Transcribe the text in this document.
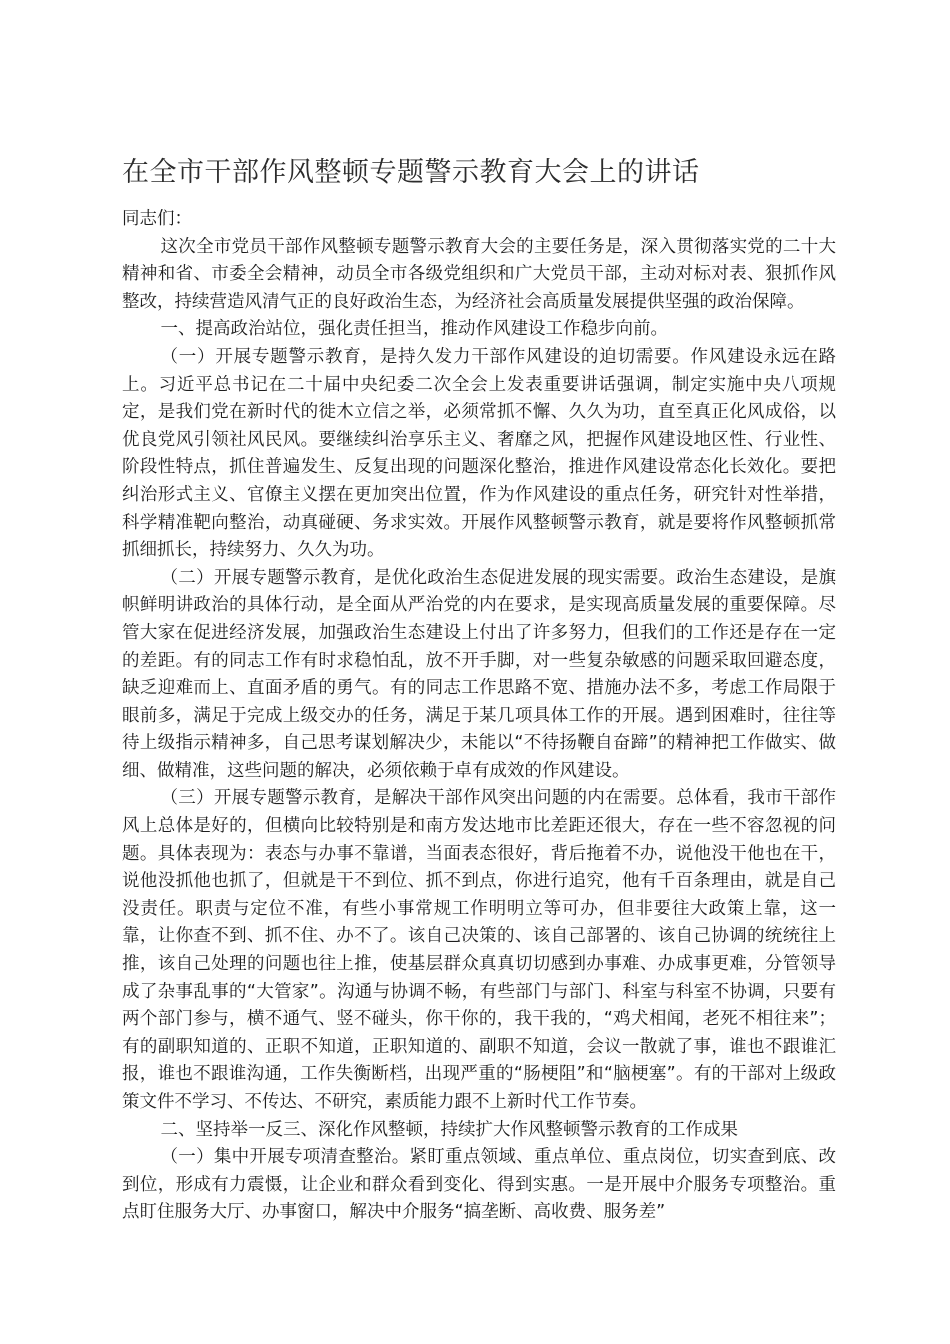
在全市干部作风整顿专题警示教育大会上的讲话

同志们：

这次全市党员干部作风整顿专题警示教育大会的主要任务是，深入贯彻落实党的二十大精神和省、市委全会精神，动员全市各级党组织和广大党员干部，主动对标对表、狠抓作风整改，持续营造风清气正的良好政治生态，为经济社会高质量发展提供坚强的政治保障。

一、提高政治站位，强化责任担当，推动作风建设工作稳步向前。

（一）开展专题警示教育，是持久发力干部作风建设的迫切需要。作风建设永远在路上。习近平总书记在二十届中央纪委二次全会上发表重要讲话强调，制定实施中央八项规定，是我们党在新时代的徙木立信之举，必须常抓不懈、久久为功，直至真正化风成俗，以优良党风引领社风民风。要继续纠治享乐主义、奢靡之风，把握作风建设地区性、行业性、阶段性特点，抓住普遍发生、反复出现的问题深化整治，推进作风建设常态化长效化。要把纠治形式主义、官僚主义摆在更加突出位置，作为作风建设的重点任务，研究针对性举措，科学精准靶向整治，动真碰硬、务求实效。开展作风整顿警示教育，就是要将作风整顿抓常抓细抓长，持续努力、久久为功。

（二）开展专题警示教育，是优化政治生态促进发展的现实需要。政治生态建设，是旗帜鲜明讲政治的具体行动，是全面从严治党的内在要求，是实现高质量发展的重要保障。尽管大家在促进经济发展，加强政治生态建设上付出了许多努力，但我们的工作还是存在一定的差距。有的同志工作有时求稳怕乱，放不开手脚，对一些复杂敏感的问题采取回避态度，缺乏迎难而上、直面矛盾的勇气。有的同志工作思路不宽、措施办法不多，考虑工作局限于眼前多，满足于完成上级交办的任务，满足于某几项具体工作的开展。遇到困难时，往往等待上级指示精神多，自己思考谋划解决少，未能以“不待扬鞭自奋蹄”的精神把工作做实、做细、做精准，这些问题的解决，必须依赖于卓有成效的作风建设。

（三）开展专题警示教育，是解决干部作风突出问题的内在需要。总体看，我市干部作风上总体是好的，但横向比较特别是和南方发达地市比差距还很大，存在一些不容忽视的问题。具体表现为：表态与办事不靠谱，当面表态很好，背后拖着不办，说他没干他也在干，说他没抓他也抓了，但就是干不到位、抓不到点，你进行追究，他有千百条理由，就是自己没责任。职责与定位不准，有些小事常规工作明明立等可办，但非要往大政策上靠，这一靠，让你查不到、抓不住、办不了。该自己决策的、该自己部署的、该自己协调的统统往上推，该自己处理的问题也往上推，使基层群众真真切切感到办事难、办成事更难，分管领导成了杂事乱事的“大管家”。沟通与协调不畅，有些部门与部门、科室与科室不协调，只要有两个部门参与，横不通气、竖不碰头，你干你的，我干我的，“鸡犬相闻，老死不相往来”；有的副职知道的、正职不知道，正职知道的、副职不知道，会议一散就了事，谁也不跟谁汇报，谁也不跟谁沟通，工作失衡断档，出现严重的“肠梗阻”和“脑梗塞”。有的干部对上级政策文件不学习、不传达、不研究，素质能力跟不上新时代工作节奏。

二、坚持举一反三、深化作风整顿，持续扩大作风整顿警示教育的工作成果

（一）集中开展专项清查整治。紧盯重点领域、重点单位、重点岗位，切实查到底、改到位，形成有力震慑，让企业和群众看到变化、得到实惠。一是开展中介服务专项整治。重点盯住服务大厅、办事窗口，解决中介服务“搞垄断、高收费、服务差”
